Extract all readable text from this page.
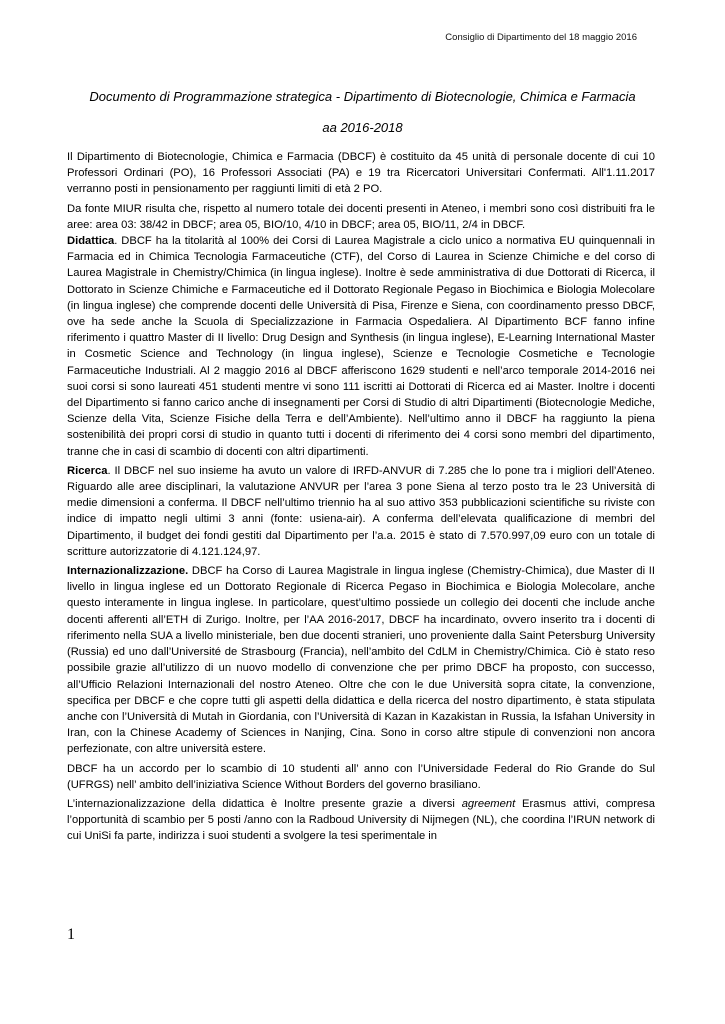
Consiglio di Dipartimento del 18 maggio 2016
Documento di Programmazione strategica - Dipartimento di Biotecnologie, Chimica e Farmacia
aa 2016-2018

Il Dipartimento di Biotecnologie, Chimica e Farmacia (DBCF) è costituito da 45 unità di personale docente di cui 10 Professori Ordinari (PO), 16 Professori Associati (PA) e 19 tra Ricercatori Universitari Confermati. All'1.11.2017 verranno posti in pensionamento per raggiunti limiti di età 2 PO.

Da fonte MIUR risulta che, rispetto al numero totale dei docenti presenti in Ateneo, i membri sono così distribuiti fra le aree: area 03: 38/42 in DBCF; area 05, BIO/10, 4/10 in DBCF; area 05, BIO/11, 2/4 in DBCF.

Didattica. DBCF ha la titolarità al 100% dei Corsi di Laurea Magistrale a ciclo unico a normativa EU quinquennali in Farmacia ed in Chimica Tecnologia Farmaceutiche (CTF), del Corso di Laurea in Scienze Chimiche e del corso di Laurea Magistrale in Chemistry/Chimica (in lingua inglese). Inoltre è sede amministrativa di due Dottorati di Ricerca, il Dottorato in Scienze Chimiche e Farmaceutiche ed il Dottorato Regionale Pegaso in Biochimica e Biologia Molecolare (in lingua inglese) che comprende docenti delle Università di Pisa, Firenze e Siena, con coordinamento presso DBCF, ove ha sede anche la Scuola di Specializzazione in Farmacia Ospedaliera. Al Dipartimento BCF fanno infine riferimento i quattro Master di II livello: Drug Design and Synthesis (in lingua inglese), E-Learning International Master in Cosmetic Science and Technology (in lingua inglese), Scienze e Tecnologie Cosmetiche e Tecnologie Farmaceutiche Industriali. Al 2 maggio 2016 al DBCF afferiscono 1629 studenti e nell’arco temporale 2014-2016 nei suoi corsi si sono laureati 451 studenti mentre vi sono 111 iscritti ai Dottorati di Ricerca ed ai Master. Inoltre i docenti del Dipartimento si fanno carico anche di insegnamenti per Corsi di Studio di altri Dipartimenti (Biotecnologie Mediche, Scienze della Vita, Scienze Fisiche della Terra e dell’Ambiente). Nell’ultimo anno il DBCF ha raggiunto la piena sostenibilità dei propri corsi di studio in quanto tutti i docenti di riferimento dei 4 corsi sono membri del dipartimento, tranne che in casi di scambio di docenti con altri dipartimenti.

Ricerca. Il DBCF nel suo insieme ha avuto un valore di IRFD-ANVUR di 7.285 che lo pone tra i migliori dell’Ateneo. Riguardo alle aree disciplinari, la valutazione ANVUR per l’area 3 pone Siena al terzo posto tra le 23 Università di medie dimensioni a conferma. Il DBCF nell’ultimo triennio ha al suo attivo 353 pubblicazioni scientifiche su riviste con indice di impatto negli ultimi 3 anni (fonte: usiena-air). A conferma dell’elevata qualificazione di membri del Dipartimento, il budget dei fondi gestiti dal Dipartimento per l’a.a. 2015 è stato di 7.570.997,09 euro con un totale di scritture autorizzatorie di 4.121.124,97.

Internazionalizzazione. DBCF ha Corso di Laurea Magistrale in lingua inglese (Chemistry-Chimica), due Master di II livello in lingua inglese ed un Dottorato Regionale di Ricerca Pegaso in Biochimica e Biologia Molecolare, anche questo interamente in lingua inglese. In particolare, quest’ultimo possiede un collegio dei docenti che include anche docenti afferenti all’ETH di Zurigo. Inoltre, per l’AA 2016-2017, DBCF ha incardinato, ovvero inserito tra i docenti di riferimento nella SUA a livello ministeriale, ben due docenti stranieri, uno proveniente dalla Saint Petersburg University (Russia) ed uno dall’Université de Strasbourg (Francia), nell’ambito del CdLM in Chemistry/Chimica. Ciò è stato reso possibile grazie all’utilizzo di un nuovo modello di convenzione che per primo DBCF ha proposto, con successo, all’Ufficio Relazioni Internazionali del nostro Ateneo. Oltre che con le due Università sopra citate, la convenzione, specifica per DBCF e che copre tutti gli aspetti della didattica e della ricerca del nostro dipartimento, è stata stipulata anche con l’Università di Mutah in Giordania, con l’Università di Kazan in Kazakistan in Russia, la Isfahan University in Iran, con la Chinese Academy of Sciences in Nanjing, Cina. Sono in corso altre stipule di convenzioni non ancora perfezionate, con altre università estere.

DBCF ha un accordo per lo scambio di 10 studenti all’ anno con l’Universidade Federal do Rio Grande do Sul (UFRGS) nell’ ambito dell’iniziativa Science Without Borders del governo brasiliano.

L’internazionalizzazione della didattica è Inoltre presente grazie a diversi agreement Erasmus attivi, compresa l’opportunità di scambio per 5 posti /anno con la Radboud University di Nijmegen (NL), che coordina l’IRUN network di cui UniSi fa parte, indirizza i suoi studenti a svolgere la tesi sperimentale in

1
